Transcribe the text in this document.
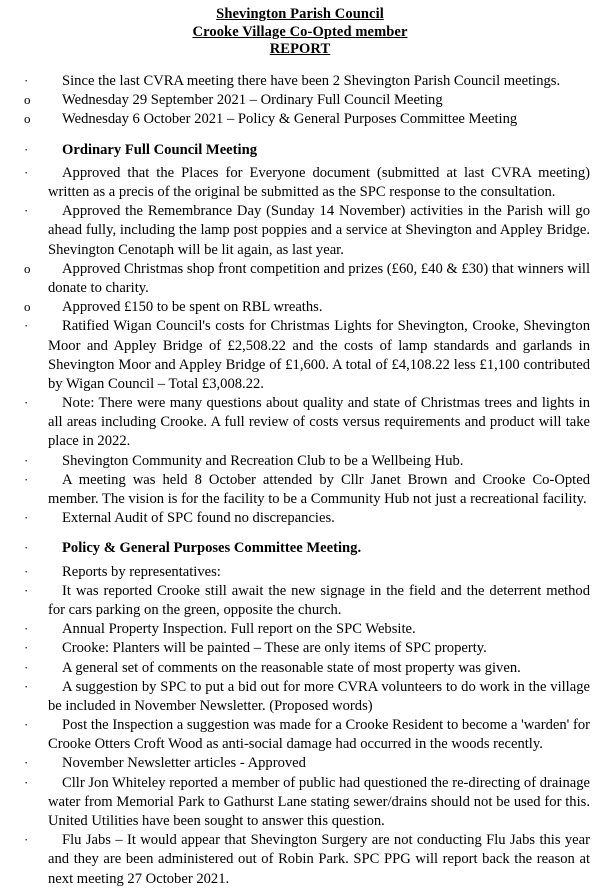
Shevington Parish Council
Crooke Village Co-Opted member
REPORT
·	Since the last CVRA meeting there have been 2 Shevington Parish Council meetings.
o	Wednesday 29 September 2021 – Ordinary Full Council Meeting
o	Wednesday 6 October 2021 – Policy & General Purposes Committee Meeting
·	Ordinary Full Council Meeting
·	Approved that the Places for Everyone document (submitted at last CVRA meeting) written as a precis of the original be submitted as the SPC response to the consultation.
·	Approved the Remembrance Day (Sunday 14 November) activities in the Parish will go ahead fully, including the lamp post poppies and a service at Shevington and Appley Bridge. Shevington Cenotaph will be lit again, as last year.
o	Approved Christmas shop front competition and prizes (£60, £40 & £30) that winners will donate to charity.
o	Approved £150 to be spent on RBL wreaths.
·	Ratified Wigan Council's costs for Christmas Lights for Shevington, Crooke, Shevington Moor and Appley Bridge of £2,508.22 and the costs of lamp standards and garlands in Shevington Moor and Appley Bridge of £1,600. A total of £4,108.22 less £1,100 contributed by Wigan Council – Total £3,008.22.
·	Note: There were many questions about quality and state of Christmas trees and lights in all areas including Crooke. A full review of costs versus requirements and product will take place in 2022.
·	Shevington Community and Recreation Club to be a Wellbeing Hub.
·	A meeting was held 8 October attended by Cllr Janet Brown and Crooke Co-Opted member. The vision is for the facility to be a Community Hub not just a recreational facility.
·	External Audit of SPC found no discrepancies.
·	Policy & General Purposes Committee Meeting.
·	Reports by representatives:
·	It was reported Crooke still await the new signage in the field and the deterrent method for cars parking on the green, opposite the church.
·	Annual Property Inspection. Full report on the SPC Website.
·	Crooke: Planters will be painted – These are only items of SPC property.
·	A general set of comments on the reasonable state of most property was given.
·	A suggestion by SPC to put a bid out for more CVRA volunteers to do work in the village be included in November Newsletter. (Proposed words)
·	Post the Inspection a suggestion was made for a Crooke Resident to become a 'warden' for Crooke Otters Croft Wood as anti-social damage had occurred in the woods recently.
·	November Newsletter articles - Approved
·	Cllr Jon Whiteley reported a member of public had questioned the re-directing of drainage water from Memorial Park to Gathurst Lane stating sewer/drains should not be used for this. United Utilities have been sought to answer this question.
·	Flu Jabs – It would appear that Shevington Surgery are not conducting Flu Jabs this year and they are been administered out of Robin Park. SPC PPG will report back the reason at next meeting 27 October 2021.
